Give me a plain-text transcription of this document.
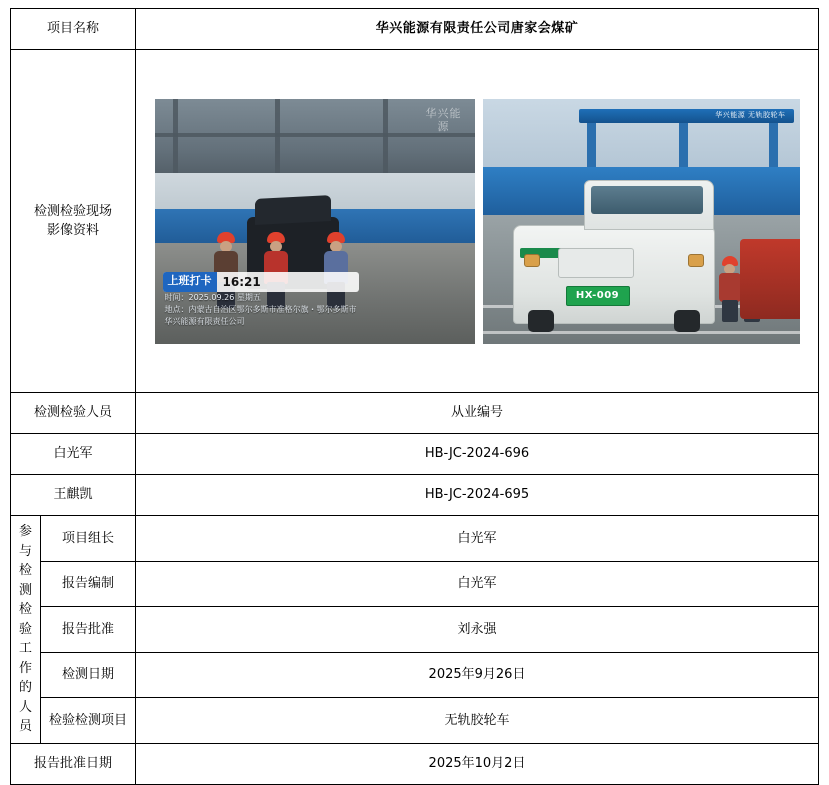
项目名称		华兴能源有限责任公司唐家会煤矿
检测检验现场
影像资料	
华兴能源
上班打卡 16:21
时间：2025.09.26 星期五
地点：内蒙古自治区鄂尔多斯市准格尔旗・鄂尔多斯市
华兴能源有限责任公司
华兴能源 无轨胶轮车
HX-009

检测检验人员		从业编号
白光军		HB-JC-2024-696
王麒凯		HB-JC-2024-695

参
与
检
测
检
验
工
作
的
人
员
	项目组长	白光军
	报告编制	白光军
	报告批准	刘永强
	检测日期	2025年9月26日
	检验检测项目	无轨胶轮车
报告批准日期		2025年10月2日
